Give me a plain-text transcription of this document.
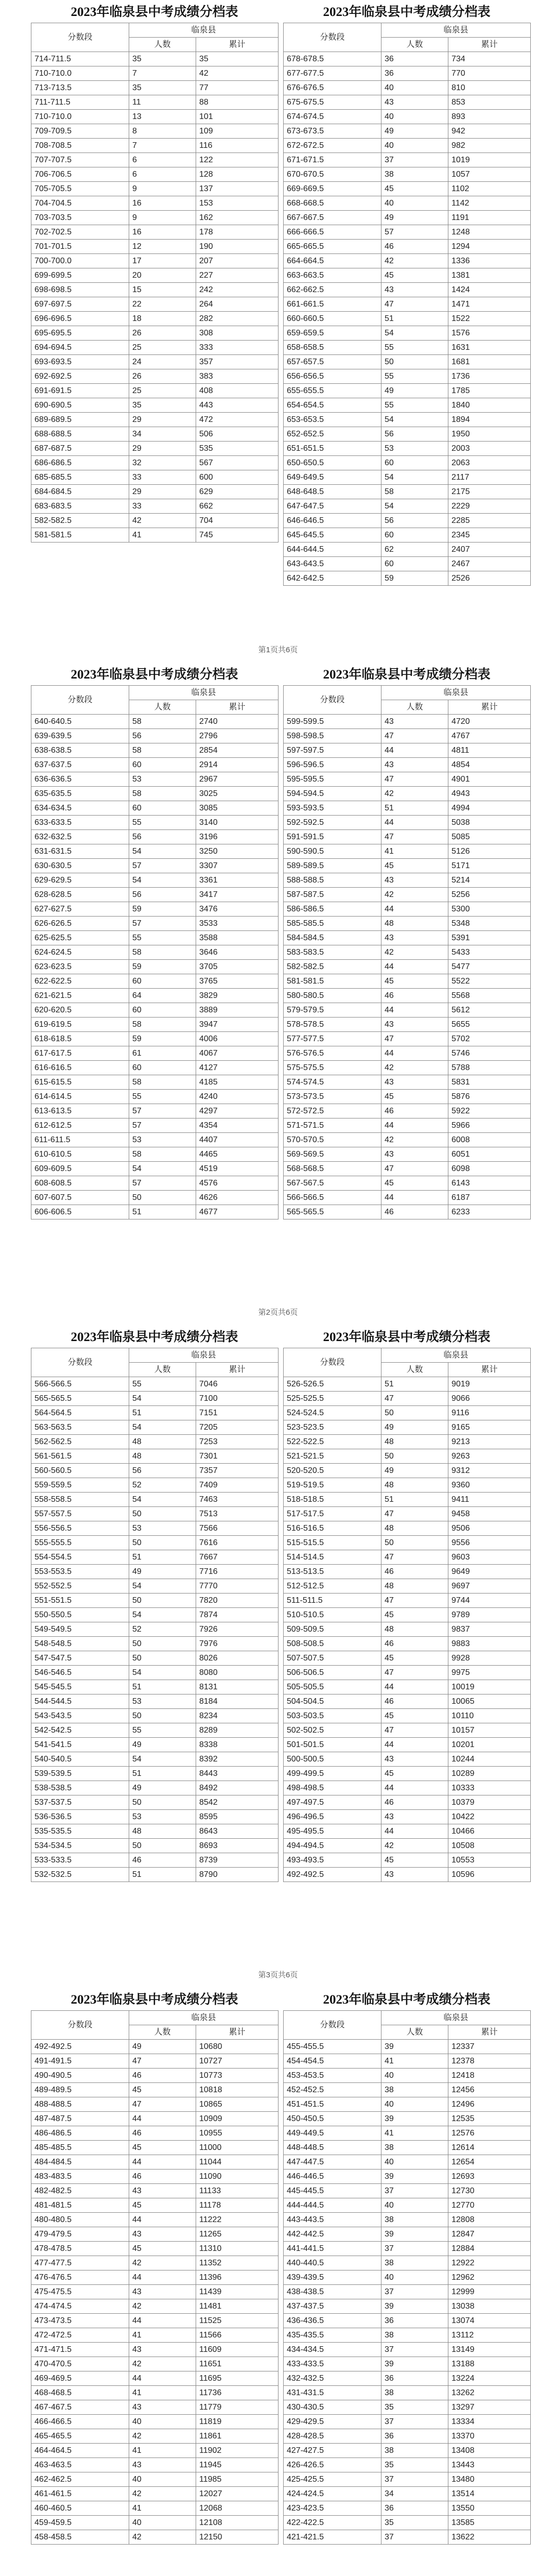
2023年临泉县中考成绩分档表
分数段	临泉县	
	人数	累计
714-711.5	35	35
710-710.0	7	42
713-713.5	35	77
711-711.5	11	88
710-710.0	13	101
709-709.5	8	109
708-708.5	7	116
707-707.5	6	122
706-706.5	6	128
705-705.5	9	137
704-704.5	16	153
703-703.5	9	162
702-702.5	16	178
701-701.5	12	190
700-700.0	17	207
699-699.5	20	227
698-698.5	15	242
697-697.5	22	264
696-696.5	18	282
695-695.5	26	308
694-694.5	25	333
693-693.5	24	357
692-692.5	26	383
691-691.5	25	408
690-690.5	35	443
689-689.5	29	472
688-688.5	34	506
687-687.5	29	535
686-686.5	32	567
685-685.5	33	600
684-684.5	29	629
683-683.5	33	662
582-582.5	42	704
581-581.5	41	745
2023年临泉县中考成绩分档表
分数段	临泉县	
	人数	累计
678-678.5	36	734
677-677.5	36	770
676-676.5	40	810
675-675.5	43	853
674-674.5	40	893
673-673.5	49	942
672-672.5	40	982
671-671.5	37	1019
670-670.5	38	1057
669-669.5	45	1102
668-668.5	40	1142
667-667.5	49	1191
666-666.5	57	1248
665-665.5	46	1294
664-664.5	42	1336
663-663.5	45	1381
662-662.5	43	1424
661-661.5	47	1471
660-660.5	51	1522
659-659.5	54	1576
658-658.5	55	1631
657-657.5	50	1681
656-656.5	55	1736
655-655.5	49	1785
654-654.5	55	1840
653-653.5	54	1894
652-652.5	56	1950
651-651.5	53	2003
650-650.5	60	2063
649-649.5	54	2117
648-648.5	58	2175
647-647.5	54	2229
646-646.5	56	2285
645-645.5	60	2345
644-644.5	62	2407
643-643.5	60	2467
642-642.5	59	2526
第1页共6页
2023年临泉县中考成绩分档表
分数段	临泉县	
	人数	累计
640-640.5	58	2740
639-639.5	56	2796
638-638.5	58	2854
637-637.5	60	2914
636-636.5	53	2967
635-635.5	58	3025
634-634.5	60	3085
633-633.5	55	3140
632-632.5	56	3196
631-631.5	54	3250
630-630.5	57	3307
629-629.5	54	3361
628-628.5	56	3417
627-627.5	59	3476
626-626.5	57	3533
625-625.5	55	3588
624-624.5	58	3646
623-623.5	59	3705
622-622.5	60	3765
621-621.5	64	3829
620-620.5	60	3889
619-619.5	58	3947
618-618.5	59	4006
617-617.5	61	4067
616-616.5	60	4127
615-615.5	58	4185
614-614.5	55	4240
613-613.5	57	4297
612-612.5	57	4354
611-611.5	53	4407
610-610.5	58	4465
609-609.5	54	4519
608-608.5	57	4576
607-607.5	50	4626
606-606.5	51	4677
2023年临泉县中考成绩分档表
分数段	临泉县	
	人数	累计
599-599.5	43	4720
598-598.5	47	4767
597-597.5	44	4811
596-596.5	43	4854
595-595.5	47	4901
594-594.5	42	4943
593-593.5	51	4994
592-592.5	44	5038
591-591.5	47	5085
590-590.5	41	5126
589-589.5	45	5171
588-588.5	43	5214
587-587.5	42	5256
586-586.5	44	5300
585-585.5	48	5348
584-584.5	43	5391
583-583.5	42	5433
582-582.5	44	5477
581-581.5	45	5522
580-580.5	46	5568
579-579.5	44	5612
578-578.5	43	5655
577-577.5	47	5702
576-576.5	44	5746
575-575.5	42	5788
574-574.5	43	5831
573-573.5	45	5876
572-572.5	46	5922
571-571.5	44	5966
570-570.5	42	6008
569-569.5	43	6051
568-568.5	47	6098
567-567.5	45	6143
566-566.5	44	6187
565-565.5	46	6233
第2页共6页
2023年临泉县中考成绩分档表
分数段	临泉县	
	人数	累计
566-566.5	55	7046
565-565.5	54	7100
564-564.5	51	7151
563-563.5	54	7205
562-562.5	48	7253
561-561.5	48	7301
560-560.5	56	7357
559-559.5	52	7409
558-558.5	54	7463
557-557.5	50	7513
556-556.5	53	7566
555-555.5	50	7616
554-554.5	51	7667
553-553.5	49	7716
552-552.5	54	7770
551-551.5	50	7820
550-550.5	54	7874
549-549.5	52	7926
548-548.5	50	7976
547-547.5	50	8026
546-546.5	54	8080
545-545.5	51	8131
544-544.5	53	8184
543-543.5	50	8234
542-542.5	55	8289
541-541.5	49	8338
540-540.5	54	8392
539-539.5	51	8443
538-538.5	49	8492
537-537.5	50	8542
536-536.5	53	8595
535-535.5	48	8643
534-534.5	50	8693
533-533.5	46	8739
532-532.5	51	8790
2023年临泉县中考成绩分档表
分数段	临泉县	
	人数	累计
526-526.5	51	9019
525-525.5	47	9066
524-524.5	50	9116
523-523.5	49	9165
522-522.5	48	9213
521-521.5	50	9263
520-520.5	49	9312
519-519.5	48	9360
518-518.5	51	9411
517-517.5	47	9458
516-516.5	48	9506
515-515.5	50	9556
514-514.5	47	9603
513-513.5	46	9649
512-512.5	48	9697
511-511.5	47	9744
510-510.5	45	9789
509-509.5	48	9837
508-508.5	46	9883
507-507.5	45	9928
506-506.5	47	9975
505-505.5	44	10019
504-504.5	46	10065
503-503.5	45	10110
502-502.5	47	10157
501-501.5	44	10201
500-500.5	43	10244
499-499.5	45	10289
498-498.5	44	10333
497-497.5	46	10379
496-496.5	43	10422
495-495.5	44	10466
494-494.5	42	10508
493-493.5	45	10553
492-492.5	43	10596
第3页共6页
2023年临泉县中考成绩分档表
分数段	临泉县	
	人数	累计
492-492.5	49	10680
491-491.5	47	10727
490-490.5	46	10773
489-489.5	45	10818
488-488.5	47	10865
487-487.5	44	10909
486-486.5	46	10955
485-485.5	45	11000
484-484.5	44	11044
483-483.5	46	11090
482-482.5	43	11133
481-481.5	45	11178
480-480.5	44	11222
479-479.5	43	11265
478-478.5	45	11310
477-477.5	42	11352
476-476.5	44	11396
475-475.5	43	11439
474-474.5	42	11481
473-473.5	44	11525
472-472.5	41	11566
471-471.5	43	11609
470-470.5	42	11651
469-469.5	44	11695
468-468.5	41	11736
467-467.5	43	11779
466-466.5	40	11819
465-465.5	42	11861
464-464.5	41	11902
463-463.5	43	11945
462-462.5	40	11985
461-461.5	42	12027
460-460.5	41	12068
459-459.5	40	12108
458-458.5	42	12150
2023年临泉县中考成绩分档表
分数段	临泉县	
	人数	累计
455-455.5	39	12337
454-454.5	41	12378
453-453.5	40	12418
452-452.5	38	12456
451-451.5	40	12496
450-450.5	39	12535
449-449.5	41	12576
448-448.5	38	12614
447-447.5	40	12654
446-446.5	39	12693
445-445.5	37	12730
444-444.5	40	12770
443-443.5	38	12808
442-442.5	39	12847
441-441.5	37	12884
440-440.5	38	12922
439-439.5	40	12962
438-438.5	37	12999
437-437.5	39	13038
436-436.5	36	13074
435-435.5	38	13112
434-434.5	37	13149
433-433.5	39	13188
432-432.5	36	13224
431-431.5	38	13262
430-430.5	35	13297
429-429.5	37	13334
428-428.5	36	13370
427-427.5	38	13408
426-426.5	35	13443
425-425.5	37	13480
424-424.5	34	13514
423-423.5	36	13550
422-422.5	35	13585
421-421.5	37	13622
